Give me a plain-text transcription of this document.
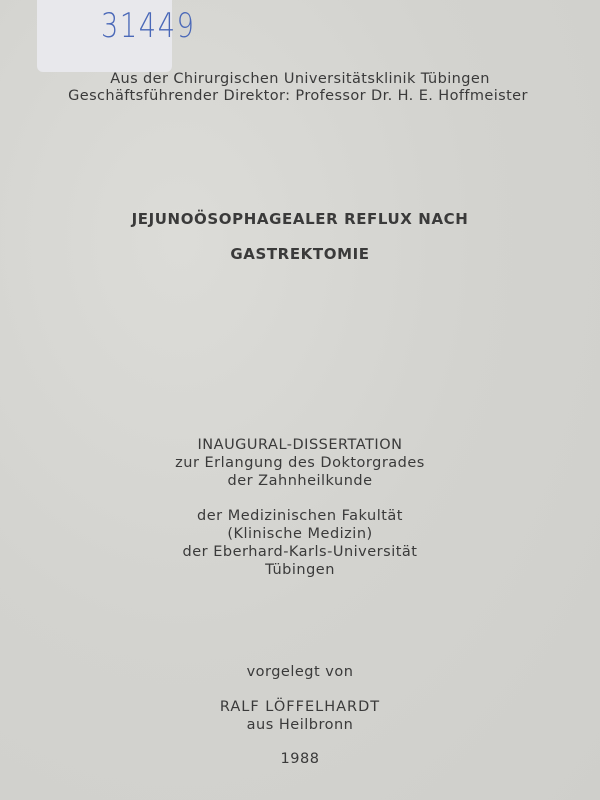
31449
Aus der Chirurgischen Universitätsklinik Tübingen
Geschäftsführender Direktor: Professor Dr. H. E. Hoffmeister
JEJUNOÖSOPHAGEALER REFLUX NACH
GASTREKTOMIE
INAUGURAL-DISSERTATION
zur Erlangung des Doktorgrades
der Zahnheilkunde
der Medizinischen Fakultät
(Klinische Medizin)
der Eberhard-Karls-Universität
Tübingen
vorgelegt von
RALF LÖFFELHARDT
aus Heilbronn
1988
